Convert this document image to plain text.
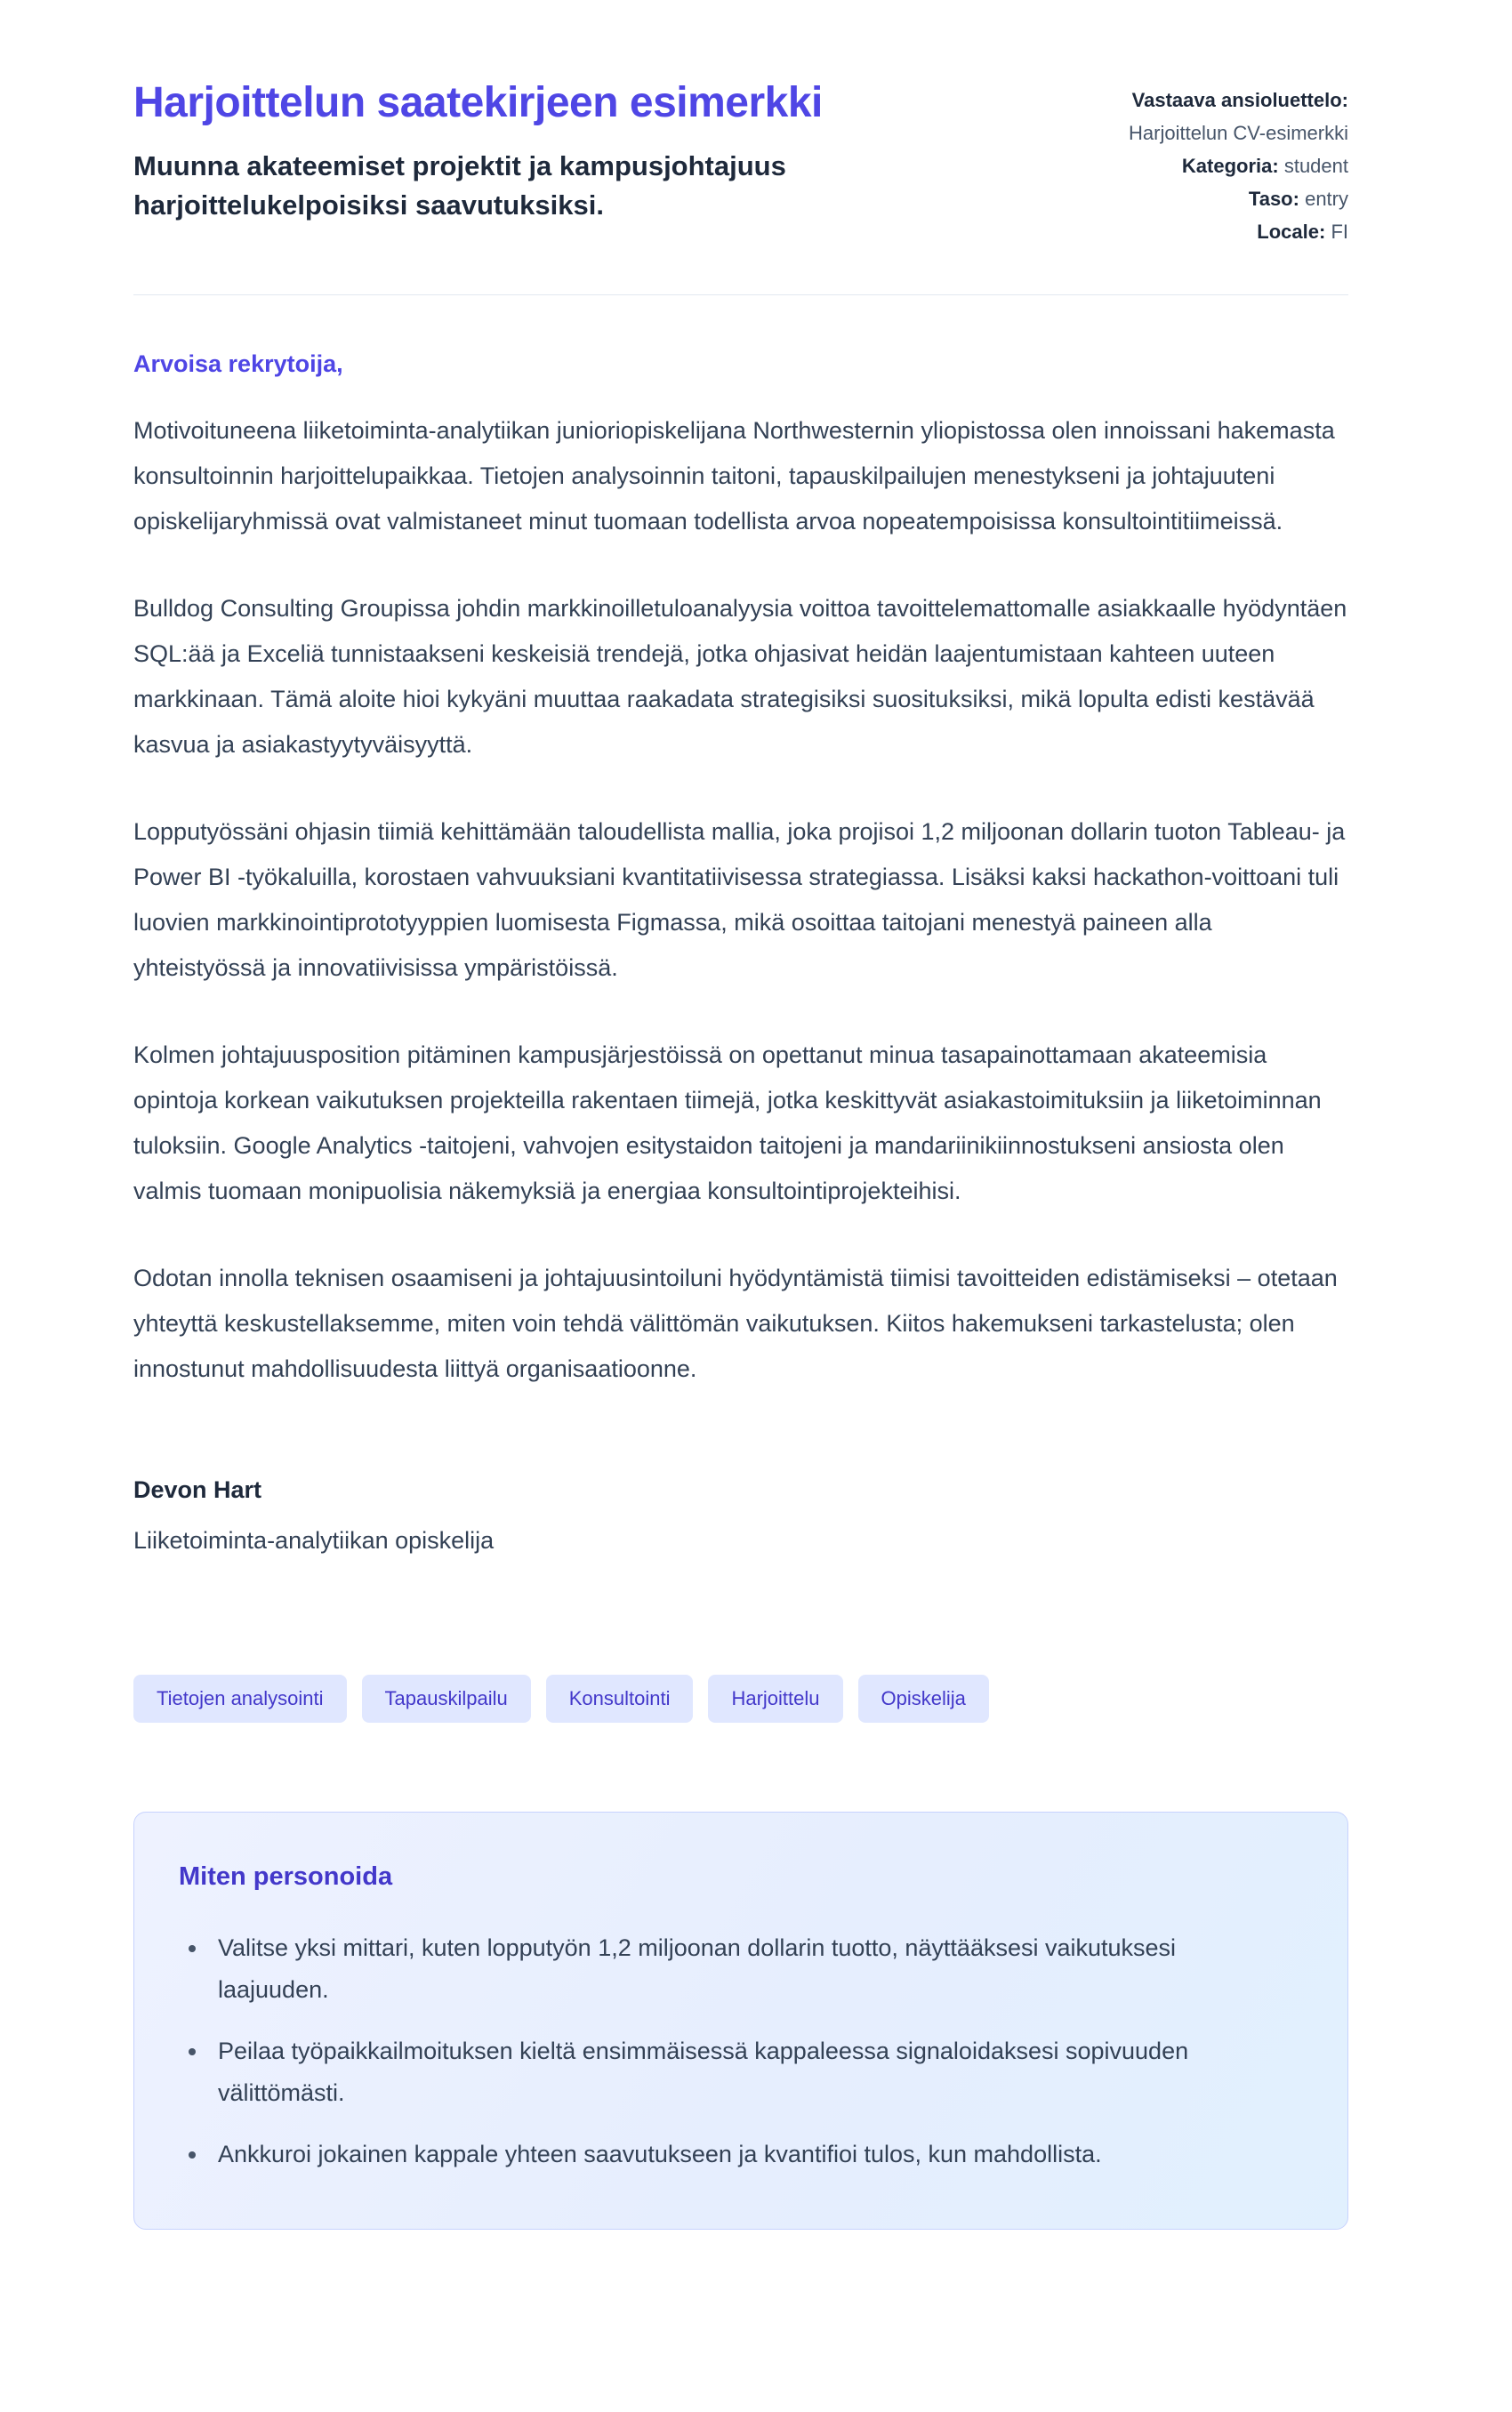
Harjoittelun saatekirjeen esimerkki

Muunna akateemiset projektit ja kampusjohtajuus harjoittelukelpoisiksi saavutuksiksi.

Vastaava ansioluettelo: Harjoittelun CV-esimerkki
Kategoria: student
Taso: entry
Locale: FI

Arvoisa rekrytoija,

Motivoituneena liiketoiminta-analytiikan junioriopiskelijana Northwesternin yliopistossa olen innoissani hakemasta konsultoinnin harjoittelupaikkaa. Tietojen analysoinnin taitoni, tapauskilpailujen menestykseni ja johtajuuteni opiskelijaryhmissä ovat valmistaneet minut tuomaan todellista arvoa nopeatempoisissa konsultointitiimeissä.

Bulldog Consulting Groupissa johdin markkinoilletuloanalyysia voittoa tavoittelemattomalle asiakkaalle hyödyntäen SQL:ää ja Exceliä tunnistaakseni keskeisiä trendejä, jotka ohjasivat heidän laajentumistaan kahteen uuteen markkinaan. Tämä aloite hioi kykyäni muuttaa raakadata strategisiksi suosituksiksi, mikä lopulta edisti kestävää kasvua ja asiakastyytyväisyyttä.

Lopputyössäni ohjasin tiimiä kehittämään taloudellista mallia, joka projisoi 1,2 miljoonan dollarin tuoton Tableau- ja Power BI -työkaluilla, korostaen vahvuuksiani kvantitatiivisessa strategiassa. Lisäksi kaksi hackathon-voittoani tuli luovien markkinointiprototyyppien luomisesta Figmassa, mikä osoittaa taitojani menestyä paineen alla yhteistyössä ja innovatiivisissa ympäristöissä.

Kolmen johtajuusposition pitäminen kampusjärjestöissä on opettanut minua tasapainottamaan akateemisia opintoja korkean vaikutuksen projekteilla rakentaen tiimejä, jotka keskittyvät asiakastoimituksiin ja liiketoiminnan tuloksiin. Google Analytics -taitojeni, vahvojen esitystaidon taitojeni ja mandariinikiinnostukseni ansiosta olen valmis tuomaan monipuolisia näkemyksiä ja energiaa konsultointiprojekteihisi.

Odotan innolla teknisen osaamiseni ja johtajuusintoiluni hyödyntämistä tiimisi tavoitteiden edistämiseksi – otetaan yhteyttä keskustellaksemme, miten voin tehdä välittömän vaikutuksen. Kiitos hakemukseni tarkastelusta; olen innostunut mahdollisuudesta liittyä organisaatioonne.

Devon Hart

Liiketoiminta-analytiikan opiskelija

Tietojen analysointi	Tapauskilpailu	Konsultointi	Harjoittelu	Opiskelija
Miten personoida
• Valitse yksi mittari, kuten lopputyön 1,2 miljoonan dollarin tuotto, näyttääksesi vaikutuksesi laajuuden.
• Peilaa työpaikkailmoituksen kieltä ensimmäisessä kappaleessa signaloidaksesi sopivuuden välittömästi.
• Ankkuroi jokainen kappale yhteen saavutukseen ja kvantifioi tulos, kun mahdollista.
